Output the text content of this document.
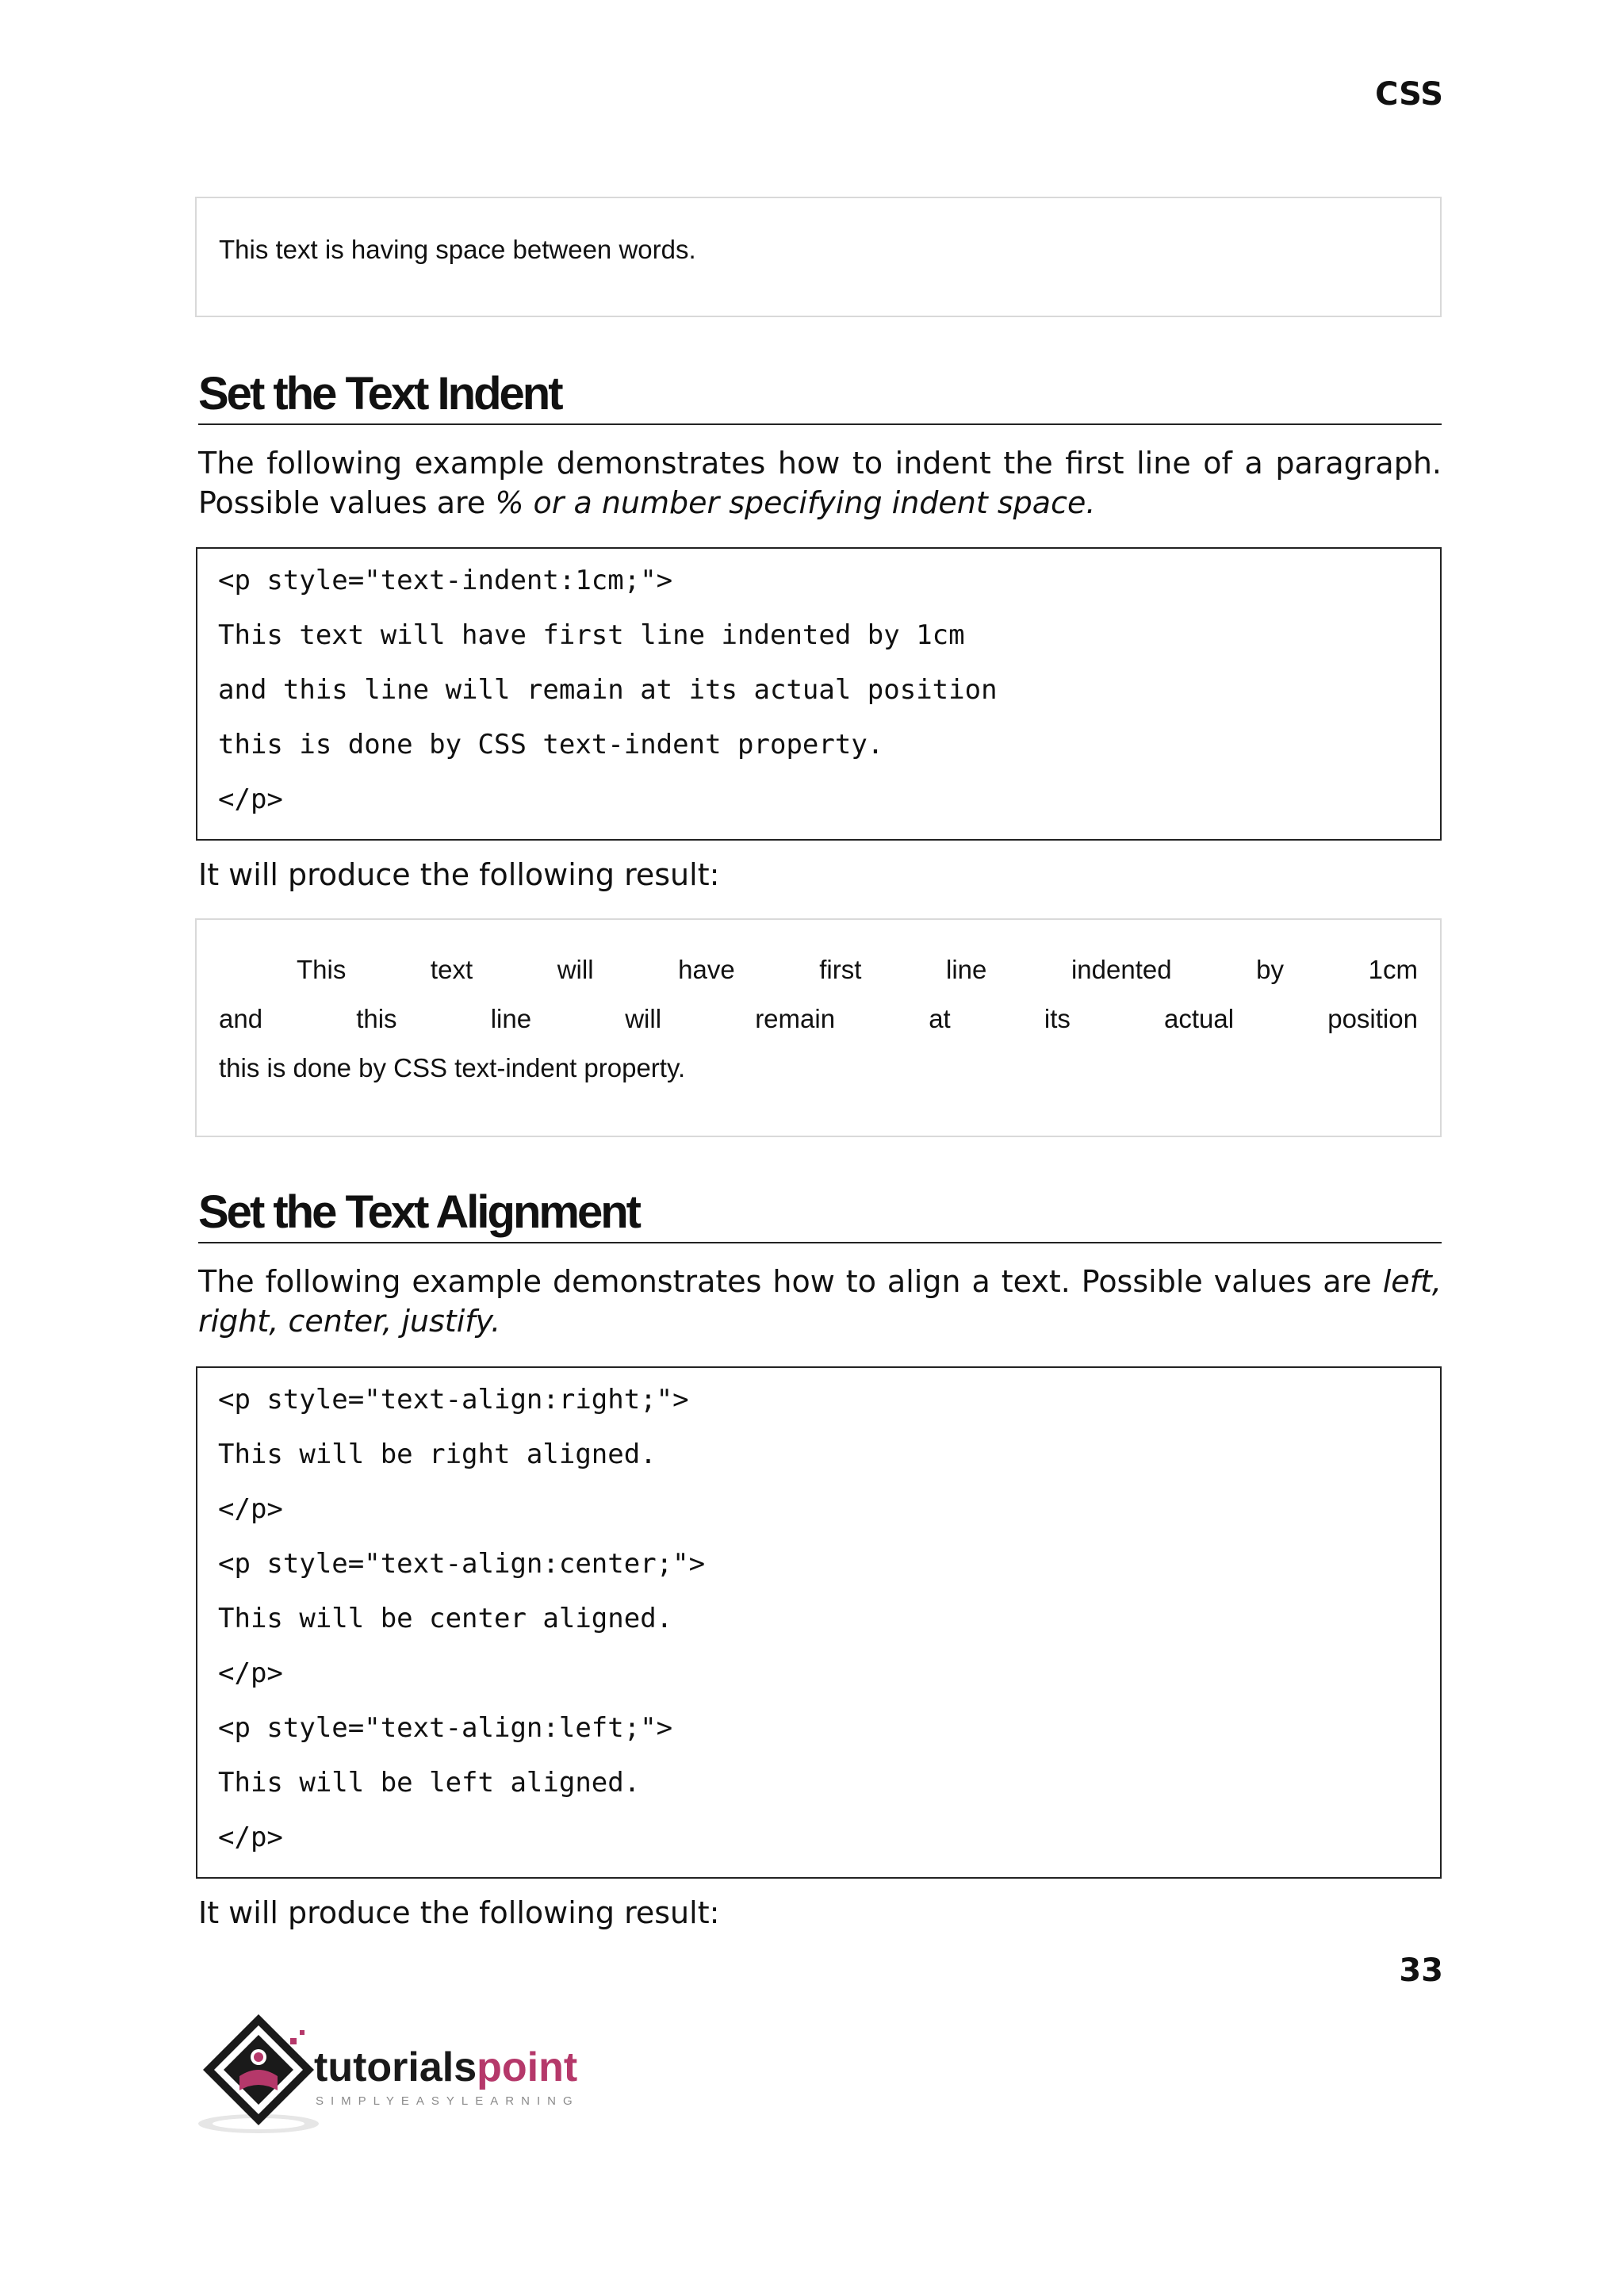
CSS
This text is having space between words.
Set the Text Indent
The following example demonstrates how to indent the first line of a paragraph. Possible values are % or a number specifying indent space.
<p style="text-indent:1cm;">
This text will have first line indented by 1cm
and this line will remain at its actual position
this is done by CSS text-indent property.
</p>
It will produce the following result:
This	text	will	have	first	line	indented	by	1cm
and	this	line	will	remain	at	its	actual	position
this is done by CSS text-indent property.
Set the Text Alignment
The following example demonstrates how to align a text. Possible values are left, right, center, justify.
<p style="text-align:right;">
This will be right aligned.
</p>
<p style="text-align:center;">
This will be center aligned.
</p>
<p style="text-align:left;">
This will be left aligned.
</p>
It will produce the following result:
33
tutorialspoint
SIMPLYEASYLEARNING
